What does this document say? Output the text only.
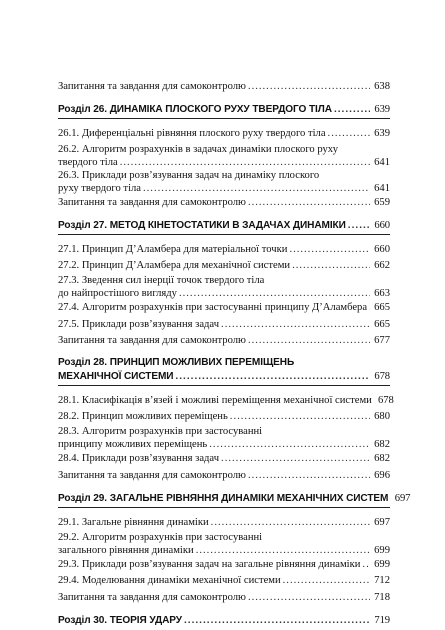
Запитання та завдання для самоконтролю .....	638
Розділ 26. ДИНАМІКА ПЛОСКОГО РУХУ ТВЕРДОГО ТІЛА .....	639
26.1. Диференціальні рівняння плоского руху твердого тіла .....	639
26.2. Алгоритм розрахунків в задачах динаміки плоского руху
твердого тіла .....	641
26.3. Приклади розв’язування задач на динаміку плоского
руху твердого тіла .....	641
Запитання та завдання для самоконтролю .....	659
Розділ 27. МЕТОД КІНЕТОСТАТИКИ В ЗАДАЧАХ ДИНАМІКИ .....	660
27.1. Принцип Д’Аламбера для матеріальної точки .....	660
27.2. Принцип Д’Аламбера для механічної системи .....	662
27.3. Зведення сил інерції точок твердого тіла
до найпростішого вигляду .....	663
27.4. Алгоритм розрахунків при застосуванні принципу Д’Аламбера ..... 665
27.5. Приклади розв’язування задач .....	665
Запитання та завдання для самоконтролю .....	677
Розділ 28. ПРИНЦИП МОЖЛИВИХ ПЕРЕМІЩЕНЬ
МЕХАНІЧНОЇ СИСТЕМИ .....	678
28.1. Класифікація в’язей і можливі переміщення механічної системи 678
28.2. Принцип можливих переміщень .....	680
28.3. Алгоритм розрахунків при застосуванні
принципу можливих переміщень .....	682
28.4. Приклади розв’язування задач .....	682
Запитання та завдання для самоконтролю .....	696
Розділ 29. ЗАГАЛЬНЕ РІВНЯННЯ ДИНАМІКИ МЕХАНІЧНИХ СИСТЕМ 697
29.1. Загальне рівняння динаміки .....	697
29.2. Алгоритм розрахунків при застосуванні
загального рівняння динаміки .....	699
29.3. Приклади розв’язування задач на загальне рівняння динаміки ..... 699
29.4. Моделювання динаміки механічної системи .....	712
Запитання та завдання для самоконтролю .....	718
Розділ 30. ТЕОРІЯ УДАРУ .....	719
